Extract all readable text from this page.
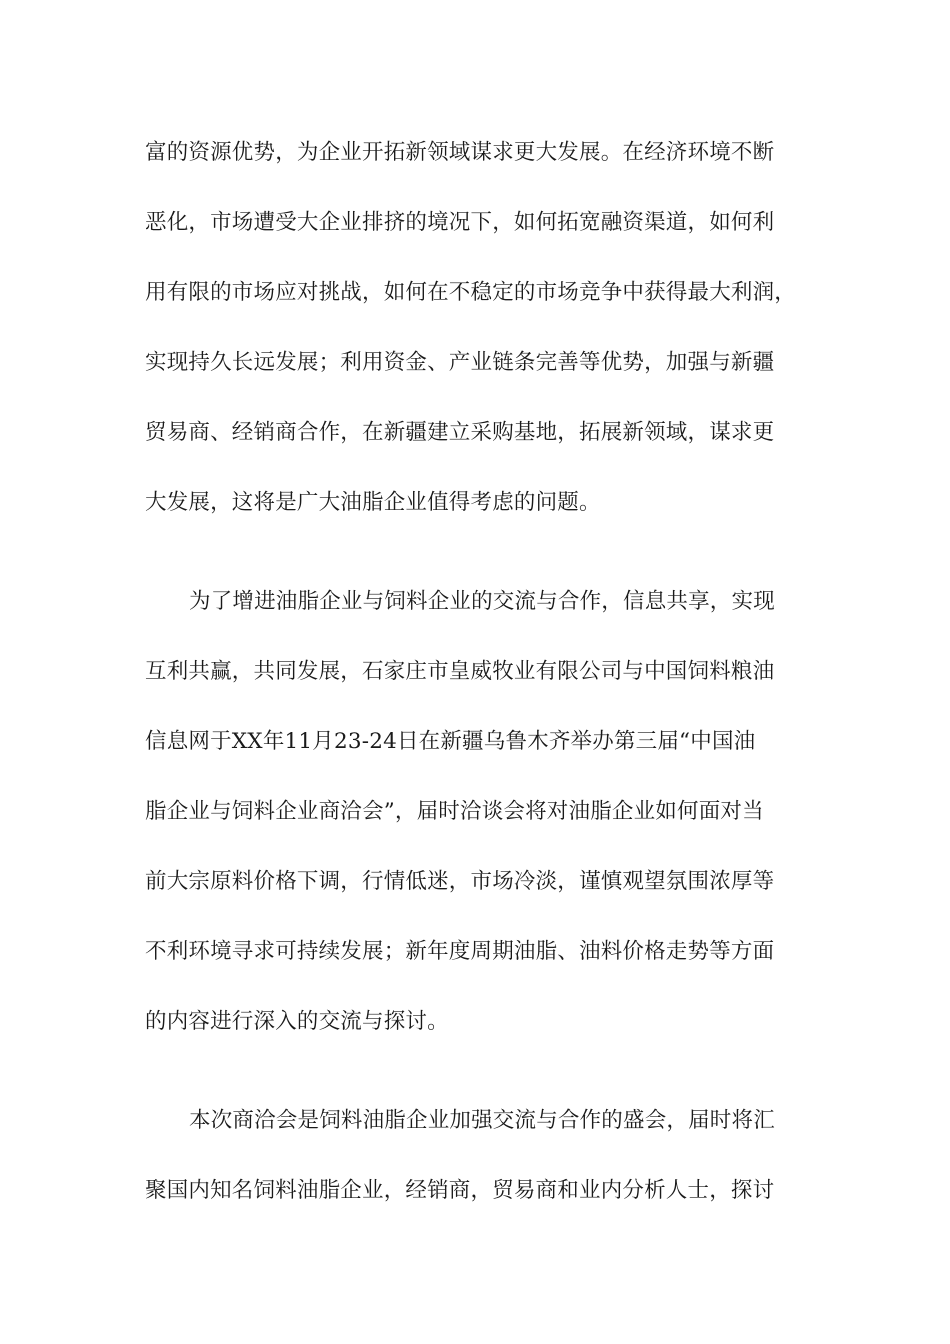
富的资源优势，为企业开拓新领域谋求更大发展。在经济环境不断
恶化，市场遭受大企业排挤的境况下，如何拓宽融资渠道，如何利
用有限的市场应对挑战，如何在不稳定的市场竞争中获得最大利润，
实现持久长远发展；利用资金、产业链条完善等优势，加强与新疆
贸易商、经销商合作，在新疆建立采购基地，拓展新领域，谋求更
大发展，这将是广大油脂企业值得考虑的问题。
为了增进油脂企业与饲料企业的交流与合作，信息共享，实现
互利共赢，共同发展，石家庄市皇威牧业有限公司与中国饲料粮油
信息网于XX年11月23-24日在新疆乌鲁木齐举办第三届“中国油
脂企业与饲料企业商洽会”，届时洽谈会将对油脂企业如何面对当
前大宗原料价格下调，行情低迷，市场冷淡，谨慎观望氛围浓厚等
不利环境寻求可持续发展；新年度周期油脂、油料价格走势等方面
的内容进行深入的交流与探讨。
本次商洽会是饲料油脂企业加强交流与合作的盛会，届时将汇
聚国内知名饲料油脂企业，经销商，贸易商和业内分析人士，探讨
